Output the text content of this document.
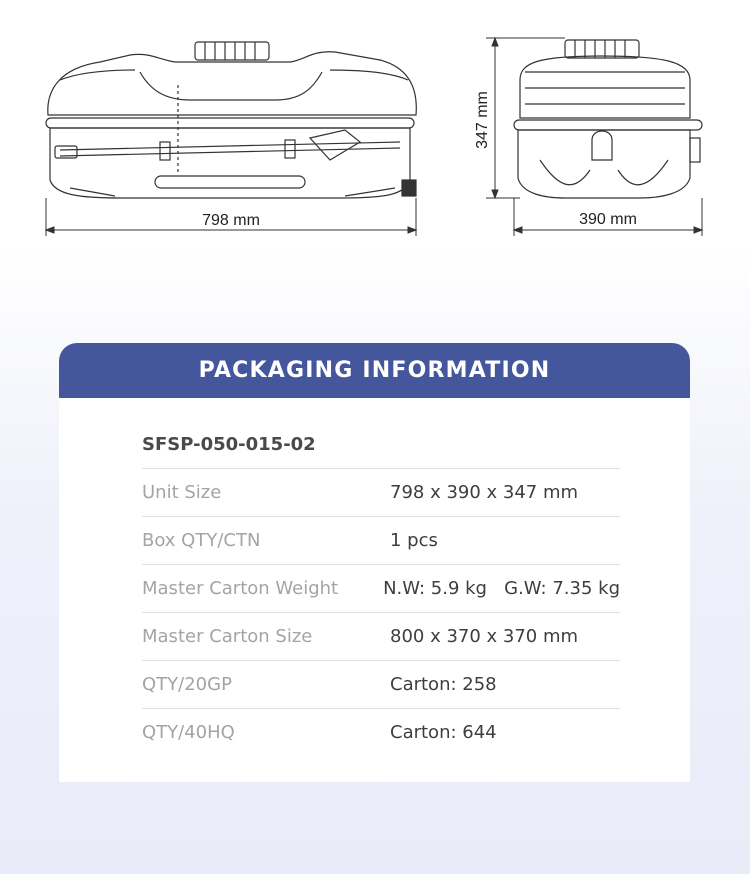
798 mm
347 mm
390 mm
PACKAGING INFORMATION
SFSP-050-015-02
Unit Size	798 x 390 x 347 mm
Box QTY/CTN	1 pcs
Master Carton Weight	N.W: 5.9 kg   G.W: 7.35 kg
Master Carton Size	800 x 370 x 370 mm
QTY/20GP	Carton: 258
QTY/40HQ	Carton: 644
